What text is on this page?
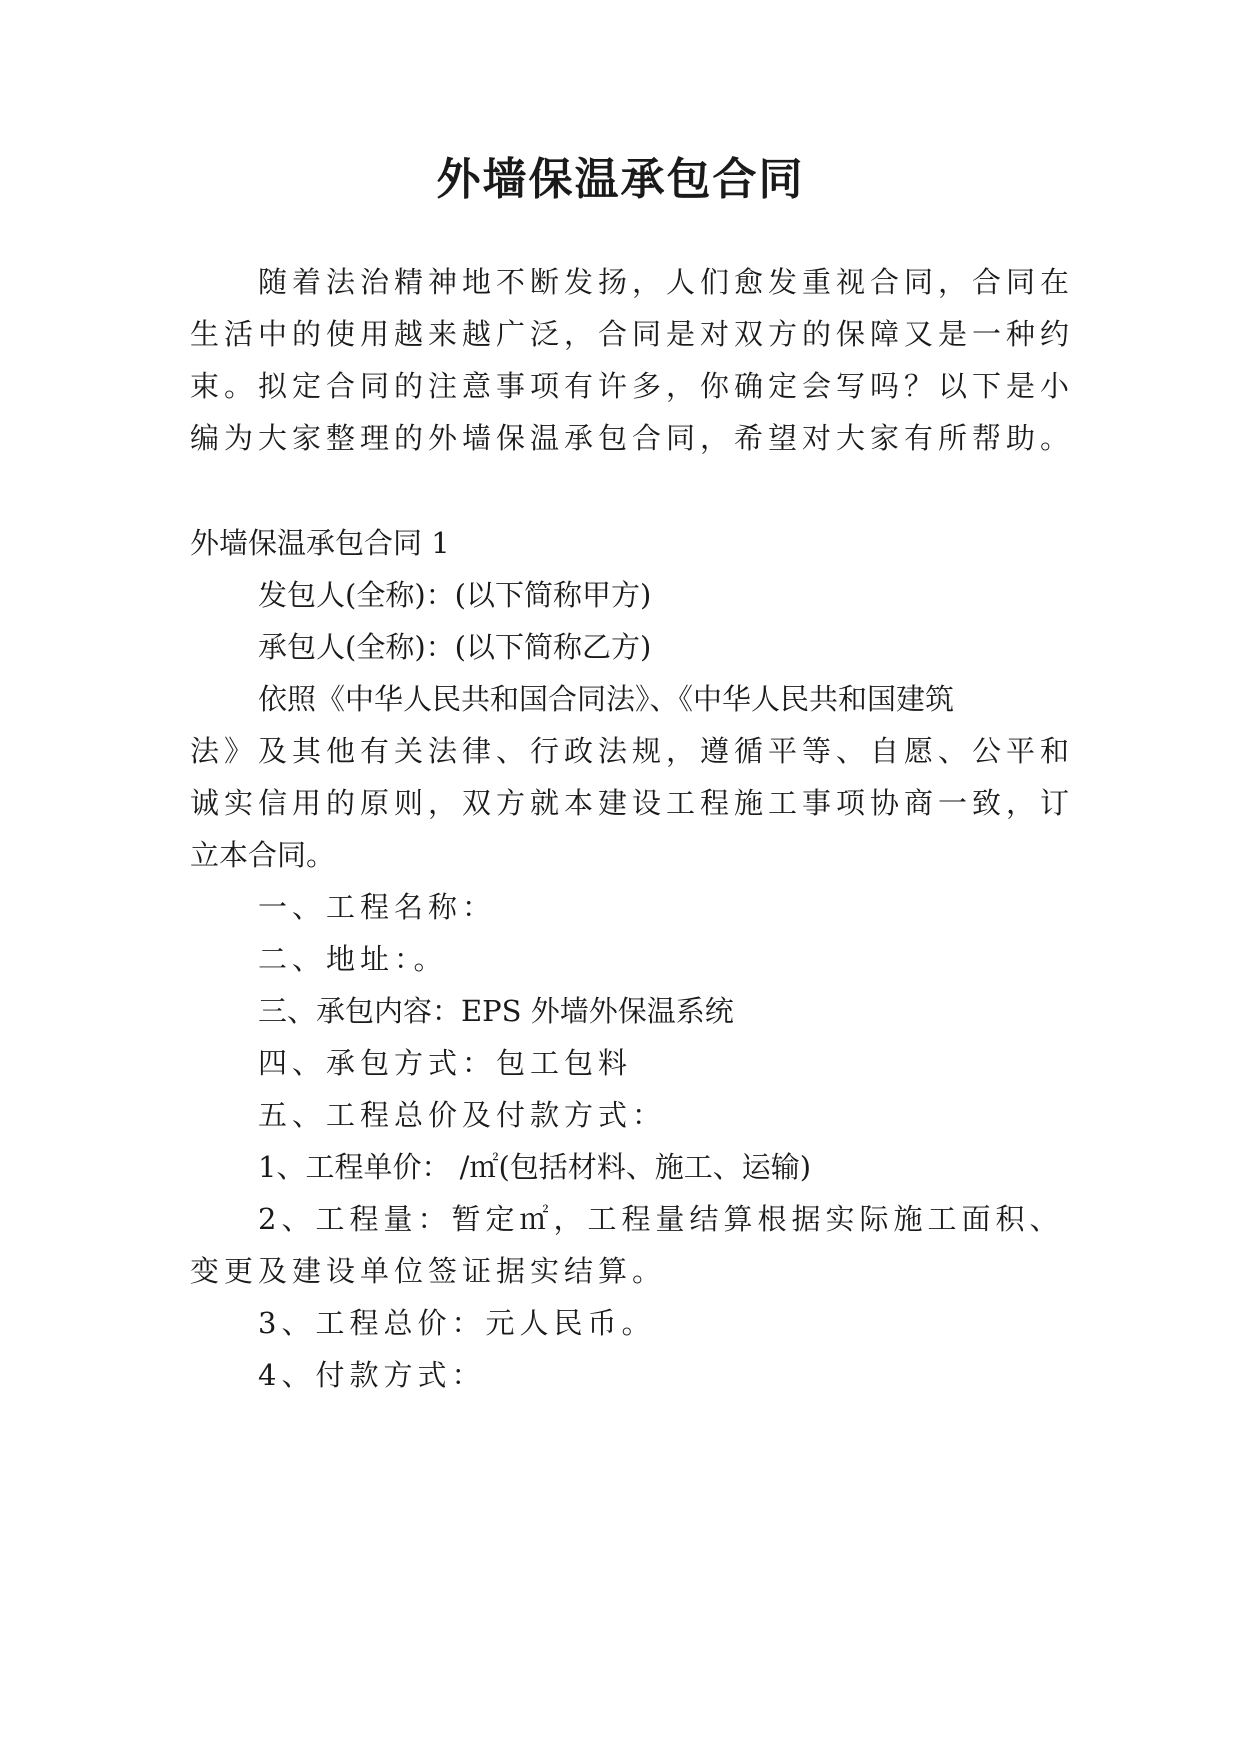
外墙保温承包合同

随着法治精神地不断发扬，人们愈发重视合同，合同在

生活中的使用越来越广泛，合同是对双方的保障又是一种约

束。拟定合同的注意事项有许多，你确定会写吗？以下是小

编为大家整理的外墙保温承包合同，希望对大家有所帮助。

外墙保温承包合同 1

发包人(全称)：(以下简称甲方)

承包人(全称)：(以下简称乙方)

依照《中华人民共和国合同法》、《中华人民共和国建筑

法》及其他有关法律、行政法规，遵循平等、自愿、公平和

诚实信用的原则，双方就本建设工程施工事项协商一致，订

立本合同。

一、工程名称：

二、地址：。

三、承包内容：EPS 外墙外保温系统

四、承包方式：包工包料

五、工程总价及付款方式：

1、工程单价： /㎡(包括材料、施工、运输)

2、工程量：暂定㎡，工程量结算根据实际施工面积、

变更及建设单位签证据实结算。

3、工程总价：元人民币。

4、付款方式：
